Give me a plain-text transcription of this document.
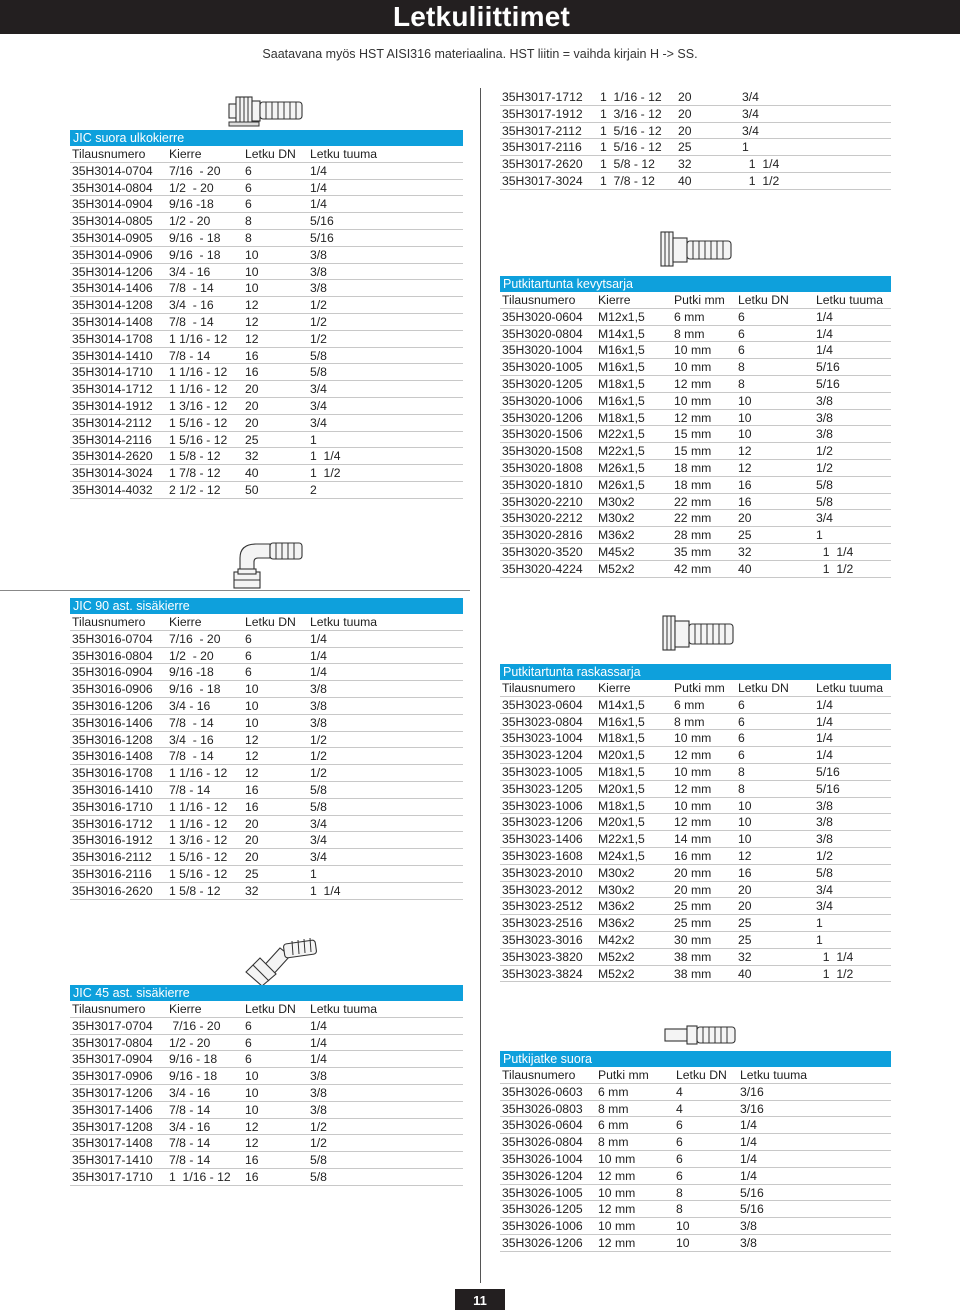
Letkuliittimet
Saatavana myös HST AISI316 materiaalina. HST liitin = vaihda kirjain H -> SS.
JIC suora ulkokierre
Tilausnumero	Kierre	Letku DN	Letku tuuma
35H3014-0704	7/16  - 20	6	1/4
35H3014-0804	1/2  - 20	6	1/4
35H3014-0904	9/16 -18	6	1/4
35H3014-0805	1/2 - 20	8	5/16
35H3014-0905	9/16  - 18	8	5/16
35H3014-0906	9/16  - 18	10	3/8
35H3014-1206	3/4 - 16	10	3/8
35H3014-1406	7/8  - 14	10	3/8
35H3014-1208	3/4  - 16	12	1/2
35H3014-1408	7/8  - 14	12	1/2
35H3014-1708	1 1/16 - 12	12	1/2
35H3014-1410	7/8 - 14	16	5/8
35H3014-1710	1 1/16 - 12	16	5/8
35H3014-1712	1 1/16 - 12	20	3/4
35H3014-1912	1 3/16 - 12	20	3/4
35H3014-2112	1 5/16 - 12	20	3/4
35H3014-2116	1 5/16 - 12	25	1
35H3014-2620	1 5/8 - 12	32	1  1/4
35H3014-3024	1 7/8 - 12	40	1  1/2
35H3014-4032	2 1/2 - 12	50	2
JIC 90 ast. sisäkierre
Tilausnumero	Kierre	Letku DN	Letku tuuma
35H3016-0704	7/16  - 20	6	1/4
35H3016-0804	1/2  - 20	6	1/4
35H3016-0904	9/16 -18	6	1/4
35H3016-0906	9/16  - 18	10	3/8
35H3016-1206	3/4 - 16	10	3/8
35H3016-1406	7/8  - 14	10	3/8
35H3016-1208	3/4  - 16	12	1/2
35H3016-1408	7/8  - 14	12	1/2
35H3016-1708	1 1/16 - 12	12	1/2
35H3016-1410	7/8 - 14	16	5/8
35H3016-1710	1 1/16 - 12	16	5/8
35H3016-1712	1 1/16 - 12	20	3/4
35H3016-1912	1 3/16 - 12	20	3/4
35H3016-2112	1 5/16 - 12	20	3/4
35H3016-2116	1 5/16 - 12	25	1
35H3016-2620	1 5/8 - 12	32	1  1/4
JIC 45 ast. sisäkierre
Tilausnumero	Kierre	Letku DN	Letku tuuma
35H3017-0704	7/16 - 20	6	1/4
35H3017-0804	1/2 - 20	6	1/4
35H3017-0904	9/16 - 18	6	1/4
35H3017-0906	9/16 - 18	10	3/8
35H3017-1206	3/4 - 16	10	3/8
35H3017-1406	7/8 - 14	10	3/8
35H3017-1208	3/4 - 16	12	1/2
35H3017-1408	7/8 - 14	12	1/2
35H3017-1410	7/8 - 14	16	5/8
35H3017-1710	1  1/16 - 12	16	5/8
35H3017-1712	1  1/16 - 12	20	3/4
35H3017-1912	1  3/16 - 12	20	3/4
35H3017-2112	1  5/16 - 12	20	3/4
35H3017-2116	1  5/16 - 12	25	1
35H3017-2620	1  5/8 - 12	32	1  1/4
35H3017-3024	1  7/8 - 12	40	1  1/2
Putkitartunta kevytsarja
Tilausnumero	Kierre	Putki mm	Letku DN	Letku tuuma
35H3020-0604	M12x1,5	6 mm	6	1/4
35H3020-0804	M14x1,5	8 mm	6	1/4
35H3020-1004	M16x1,5	10 mm	6	1/4
35H3020-1005	M16x1,5	10 mm	8	5/16
35H3020-1205	M18x1,5	12 mm	8	5/16
35H3020-1006	M16x1,5	10 mm	10	3/8
35H3020-1206	M18x1,5	12 mm	10	3/8
35H3020-1506	M22x1,5	15 mm	10	3/8
35H3020-1508	M22x1,5	15 mm	12	1/2
35H3020-1808	M26x1,5	18 mm	12	1/2
35H3020-1810	M26x1,5	18 mm	16	5/8
35H3020-2210	M30x2	22 mm	16	5/8
35H3020-2212	M30x2	22 mm	20	3/4
35H3020-2816	M36x2	28 mm	25	1
35H3020-3520	M45x2	35 mm	32	1  1/4
35H3020-4224	M52x2	42 mm	40	1  1/2
Putkitartunta raskassarja
Tilausnumero	Kierre	Putki mm	Letku DN	Letku tuuma
35H3023-0604	M14x1,5	6 mm	6	1/4
35H3023-0804	M16x1,5	8 mm	6	1/4
35H3023-1004	M18x1,5	10 mm	6	1/4
35H3023-1204	M20x1,5	12 mm	6	1/4
35H3023-1005	M18x1,5	10 mm	8	5/16
35H3023-1205	M20x1,5	12 mm	8	5/16
35H3023-1006	M18x1,5	10 mm	10	3/8
35H3023-1206	M20x1,5	12 mm	10	3/8
35H3023-1406	M22x1,5	14 mm	10	3/8
35H3023-1608	M24x1,5	16 mm	12	1/2
35H3023-2010	M30x2	20 mm	16	5/8
35H3023-2012	M30x2	20 mm	20	3/4
35H3023-2512	M36x2	25 mm	20	3/4
35H3023-2516	M36x2	25 mm	25	1
35H3023-3016	M42x2	30 mm	25	1
35H3023-3820	M52x2	38 mm	32	1  1/4
35H3023-3824	M52x2	38 mm	40	1  1/2
Putkijatke suora
Tilausnumero	Putki mm	Letku DN	Letku tuuma
35H3026-0603	6 mm	4	3/16
35H3026-0803	8 mm	4	3/16
35H3026-0604	6 mm	6	1/4
35H3026-0804	8 mm	6	1/4
35H3026-1004	10 mm	6	1/4
35H3026-1204	12 mm	6	1/4
35H3026-1005	10 mm	8	5/16
35H3026-1205	12 mm	8	5/16
35H3026-1006	10 mm	10	3/8
35H3026-1206	12 mm	10	3/8
11
